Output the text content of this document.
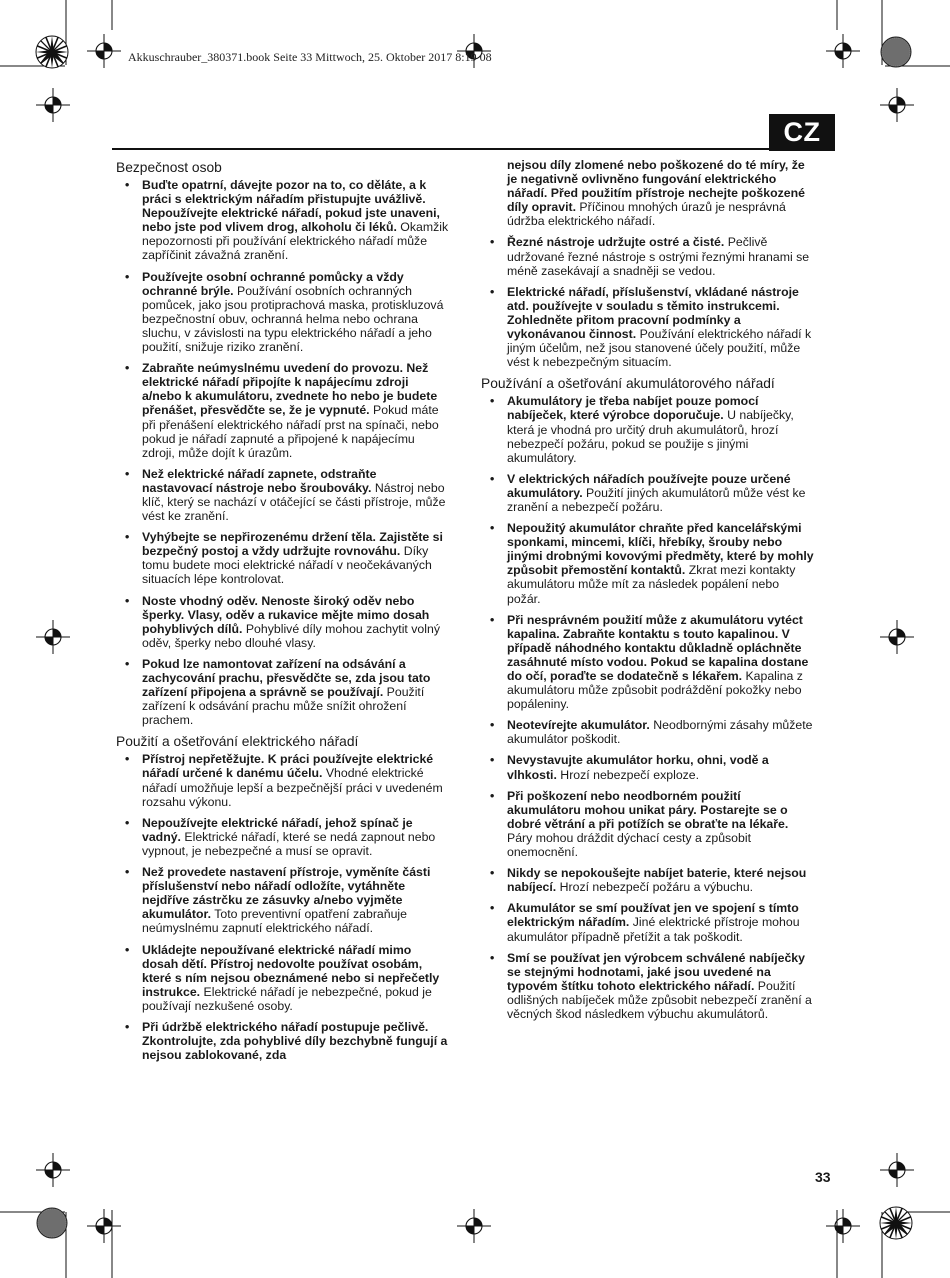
Akkuschrauber_380371.book Seite 33 Mittwoch, 25. Oktober 2017 8:19 08
CZ
Bezpečnost osob
• Buďte opatrní, dávejte pozor na to, co děláte, a k práci s elektrickým nářadím přistupujte uvážlivě. Nepoužívejte elektrické nářadí, pokud jste unaveni, nebo jste pod vlivem drog, alkoholu či léků. Okamžik nepozornosti při používání elektrického nářadí může zapříčinit závažná zranění.
• Používejte osobní ochranné pomůcky a vždy ochranné brýle. Používání osobních ochranných pomůcek, jako jsou protiprachová maska, protiskluzová bezpečnostní obuv, ochranná helma nebo ochrana sluchu, v závislosti na typu elektrického nářadí a jeho použití, snižuje riziko zranění.
• Zabraňte neúmyslnému uvedení do provozu. Než elektrické nářadí připojíte k napájecímu zdroji a/nebo k akumulátoru, zvednete ho nebo je budete přenášet, přesvědčte se, že je vypnuté. Pokud máte při přenášení elektrického nářadí prst na spínači, nebo pokud je nářadí zapnuté a připojené k napájecímu zdroji, může dojít k úrazům.
• Než elektrické nářadí zapnete, odstraňte nastavovací nástroje nebo šroubováky. Nástroj nebo klíč, který se nachází v otáčející se části přístroje, může vést ke zranění.
• Vyhýbejte se nepřirozenému držení těla. Zajistěte si bezpečný postoj a vždy udržujte rovnováhu. Díky tomu budete moci elektrické nářadí v neočekávaných situacích lépe kontrolovat.
• Noste vhodný oděv. Nenoste široký oděv nebo šperky. Vlasy, oděv a rukavice mějte mimo dosah pohyblivých dílů. Pohyblivé díly mohou zachytit volný oděv, šperky nebo dlouhé vlasy.
• Pokud lze namontovat zařízení na odsávání a zachycování prachu, přesvědčte se, zda jsou tato zařízení připojena a správně se používají. Použití zařízení k odsávání prachu může snížit ohrožení prachem.
Použití a ošetřování elektrického nářadí
• Přístroj nepřetěžujte. K práci používejte elektrické nářadí určené k danému účelu. Vhodné elektrické nářadí umožňuje lepší a bezpečnější práci v uvedeném rozsahu výkonu.
• Nepoužívejte elektrické nářadí, jehož spínač je vadný. Elektrické nářadí, které se nedá zapnout nebo vypnout, je nebezpečné a musí se opravit.
• Než provedete nastavení přístroje, vyměníte části příslušenství nebo nářadí odložíte, vytáhněte nejdříve zástrčku ze zásuvky a/nebo vyjměte akumulátor. Toto preventivní opatření zabraňuje neúmyslnému zapnutí elektrického nářadí.
• Ukládejte nepoužívané elektrické nářadí mimo dosah dětí. Přístroj nedovolte používat osobám, které s ním nejsou obeznámené nebo si nepřečetly instrukce. Elektrické nářadí je nebezpečné, pokud je používají nezkušené osoby.
• Při údržbě elektrického nářadí postupuje pečlivě. Zkontrolujte, zda pohyblivé díly bezchybně fungují a nejsou zablokované, zda
nejsou díly zlomené nebo poškozené do té míry, že je negativně ovlivněno fungování elektrického nářadí. Před použitím přístroje nechejte poškozené díly opravit. Příčinou mnohých úrazů je nesprávná údržba elektrického nářadí.
• Řezné nástroje udržujte ostré a čisté. Pečlivě udržované řezné nástroje s ostrými řeznými hranami se méně zasekávají a snadněji se vedou.
• Elektrické nářadí, příslušenství, vkládané nástroje atd. používejte v souladu s těmito instrukcemi. Zohledněte přitom pracovní podmínky a vykonávanou činnost. Používání elektrického nářadí k jiným účelům, než jsou stanovené účely použití, může vést k nebezpečným situacím.
Používání a ošetřování akumulátorového nářadí
• Akumulátory je třeba nabíjet pouze pomocí nabíječek, které výrobce doporučuje. U nabíječky, která je vhodná pro určitý druh akumulátorů, hrozí nebezpečí požáru, pokud se použije s jinými akumulátory.
• V elektrických nářadích používejte pouze určené akumulátory. Použití jiných akumulátorů může vést ke zranění a nebezpečí požáru.
• Nepoužitý akumulátor chraňte před kancelářskými sponkami, mincemi, klíči, hřebíky, šrouby nebo jinými drobnými kovovými předměty, které by mohly způsobit přemostění kontaktů. Zkrat mezi kontakty akumulátoru může mít za následek popálení nebo požár.
• Při nesprávném použití může z akumulátoru vytéct kapalina. Zabraňte kontaktu s touto kapalinou. V případě náhodného kontaktu důkladně opláchněte zasáhnuté místo vodou. Pokud se kapalina dostane do očí, poraďte se dodatečně s lékařem. Kapalina z akumulátoru může způsobit podráždění pokožky nebo popáleniny.
• Neotevírejte akumulátor. Neodbornými zásahy můžete akumulátor poškodit.
• Nevystavujte akumulátor horku, ohni, vodě a vlhkosti. Hrozí nebezpečí exploze.
• Při poškození nebo neodborném použití akumulátoru mohou unikat páry. Postarejte se o dobré větrání a při potížích se obraťte na lékaře. Páry mohou dráždit dýchací cesty a způsobit onemocnění.
• Nikdy se nepokoušejte nabíjet baterie, které nejsou nabíjecí. Hrozí nebezpečí požáru a výbuchu.
• Akumulátor se smí používat jen ve spojení s tímto elektrickým nářadím. Jiné elektrické přístroje mohou akumulátor případně přetížit a tak poškodit.
• Smí se používat jen výrobcem schválené nabíječky se stejnými hodnotami, jaké jsou uvedené na typovém štítku tohoto elektrického nářadí. Použití odlišných nabíječek může způsobit nebezpečí zranění a věcných škod následkem výbuchu akumulátorů.
33
